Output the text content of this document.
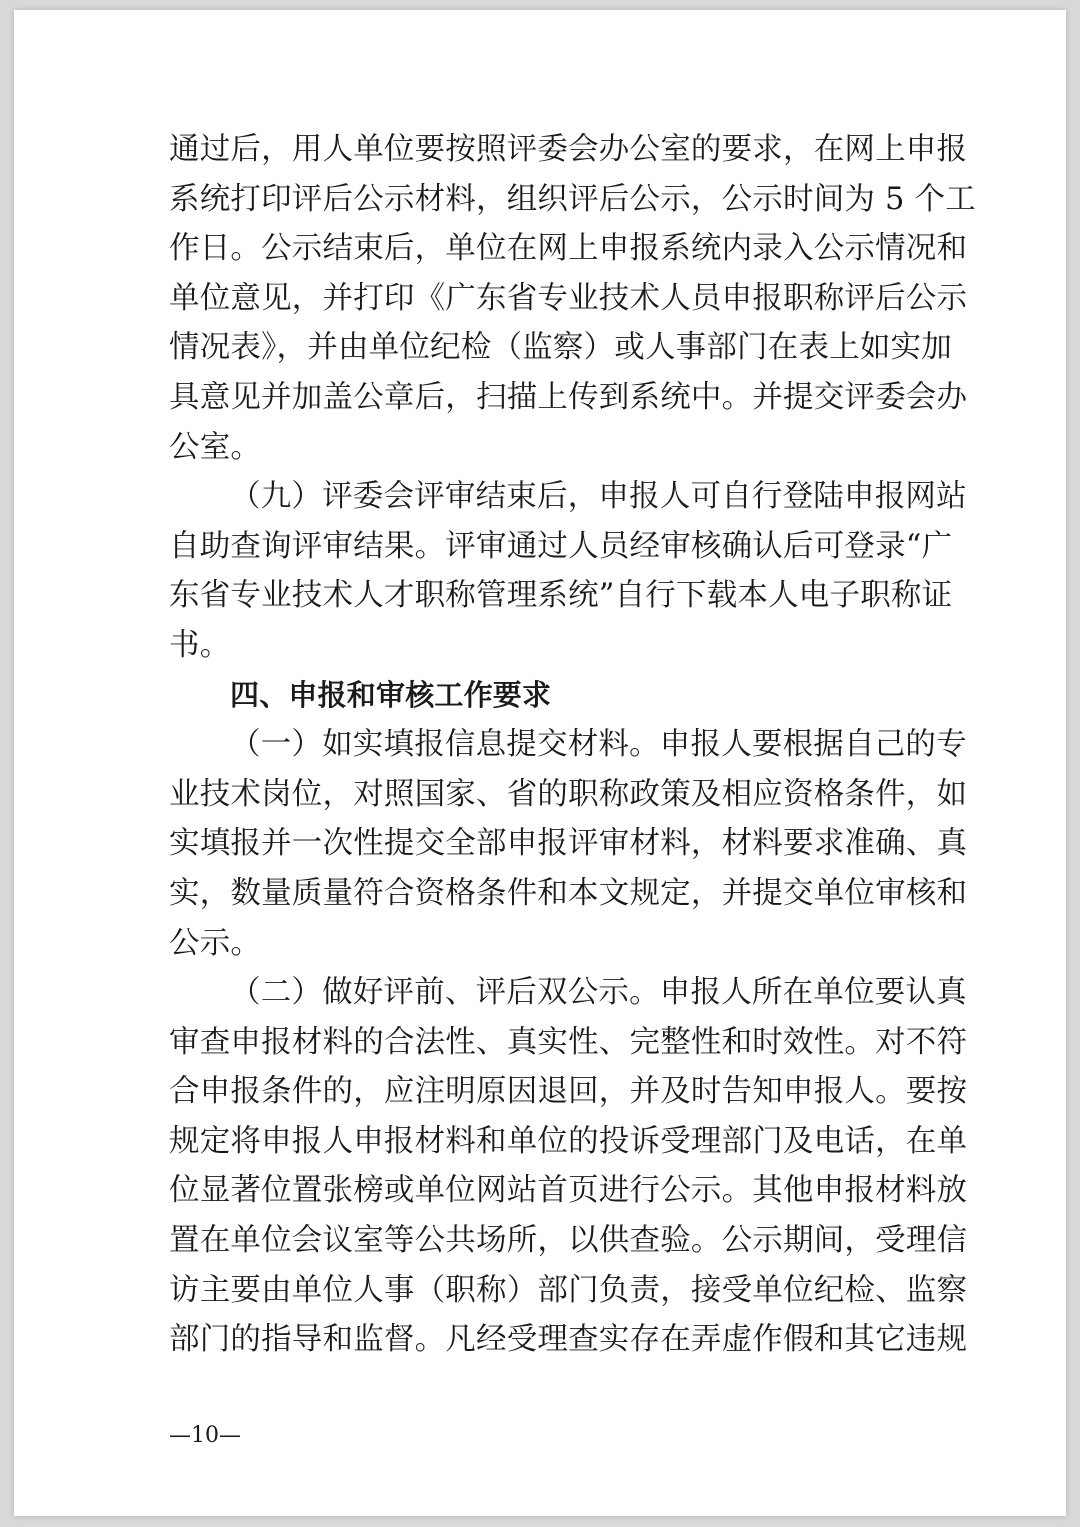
通过后，用人单位要按照评委会办公室的要求，在网上申报
系统打印评后公示材料，组织评后公示，公示时间为 5 个工
作日。公示结束后，单位在网上申报系统内录入公示情况和
单位意见，并打印《广东省专业技术人员申报职称评后公示
情况表》，并由单位纪检（监察）或人事部门在表上如实加
具意见并加盖公章后，扫描上传到系统中。并提交评委会办
公室。
（九）评委会评审结束后，申报人可自行登陆申报网站
自助查询评审结果。评审通过人员经审核确认后可登录“广
东省专业技术人才职称管理系统”自行下载本人电子职称证
书。
四、申报和审核工作要求
（一）如实填报信息提交材料。申报人要根据自己的专
业技术岗位，对照国家、省的职称政策及相应资格条件，如
实填报并一次性提交全部申报评审材料，材料要求准确、真
实，数量质量符合资格条件和本文规定，并提交单位审核和
公示。
（二）做好评前、评后双公示。申报人所在单位要认真
审查申报材料的合法性、真实性、完整性和时效性。对不符
合申报条件的，应注明原因退回，并及时告知申报人。要按
规定将申报人申报材料和单位的投诉受理部门及电话，在单
位显著位置张榜或单位网站首页进行公示。其他申报材料放
置在单位会议室等公共场所，以供查验。公示期间，受理信
访主要由单位人事（职称）部门负责，接受单位纪检、监察
部门的指导和监督。凡经受理查实存在弄虚作假和其它违规
—10—
